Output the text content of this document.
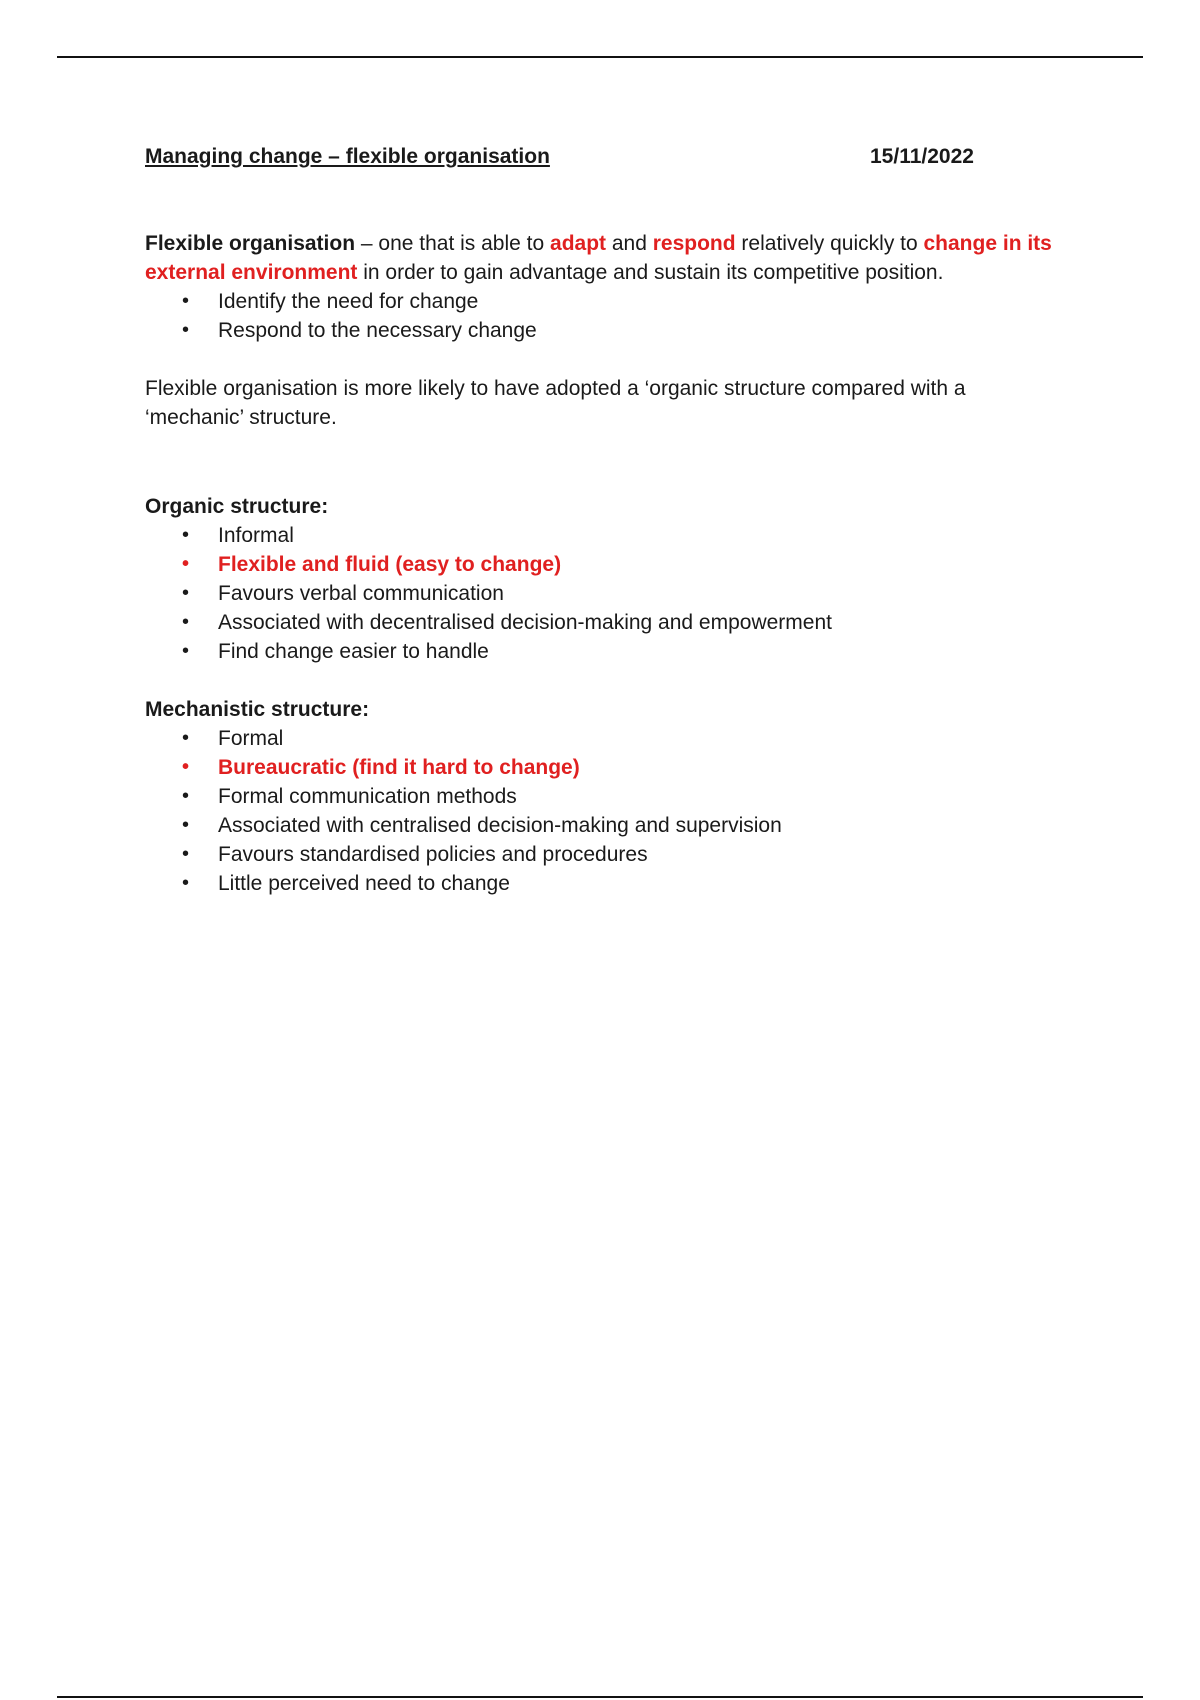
Managing change – flexible organisation	15/11/2022
Flexible organisation – one that is able to adapt and respond relatively quickly to change in its external environment in order to gain advantage and sustain its competitive position.
• Identify the need for change
• Respond to the necessary change
Flexible organisation is more likely to have adopted a ‘organic structure compared with a ‘mechanic’ structure.
Organic structure:
• Informal
• Flexible and fluid (easy to change)
• Favours verbal communication
• Associated with decentralised decision-making and empowerment
• Find change easier to handle
Mechanistic structure:
• Formal
• Bureaucratic (find it hard to change)
• Formal communication methods
• Associated with centralised decision-making and supervision
• Favours standardised policies and procedures
• Little perceived need to change
